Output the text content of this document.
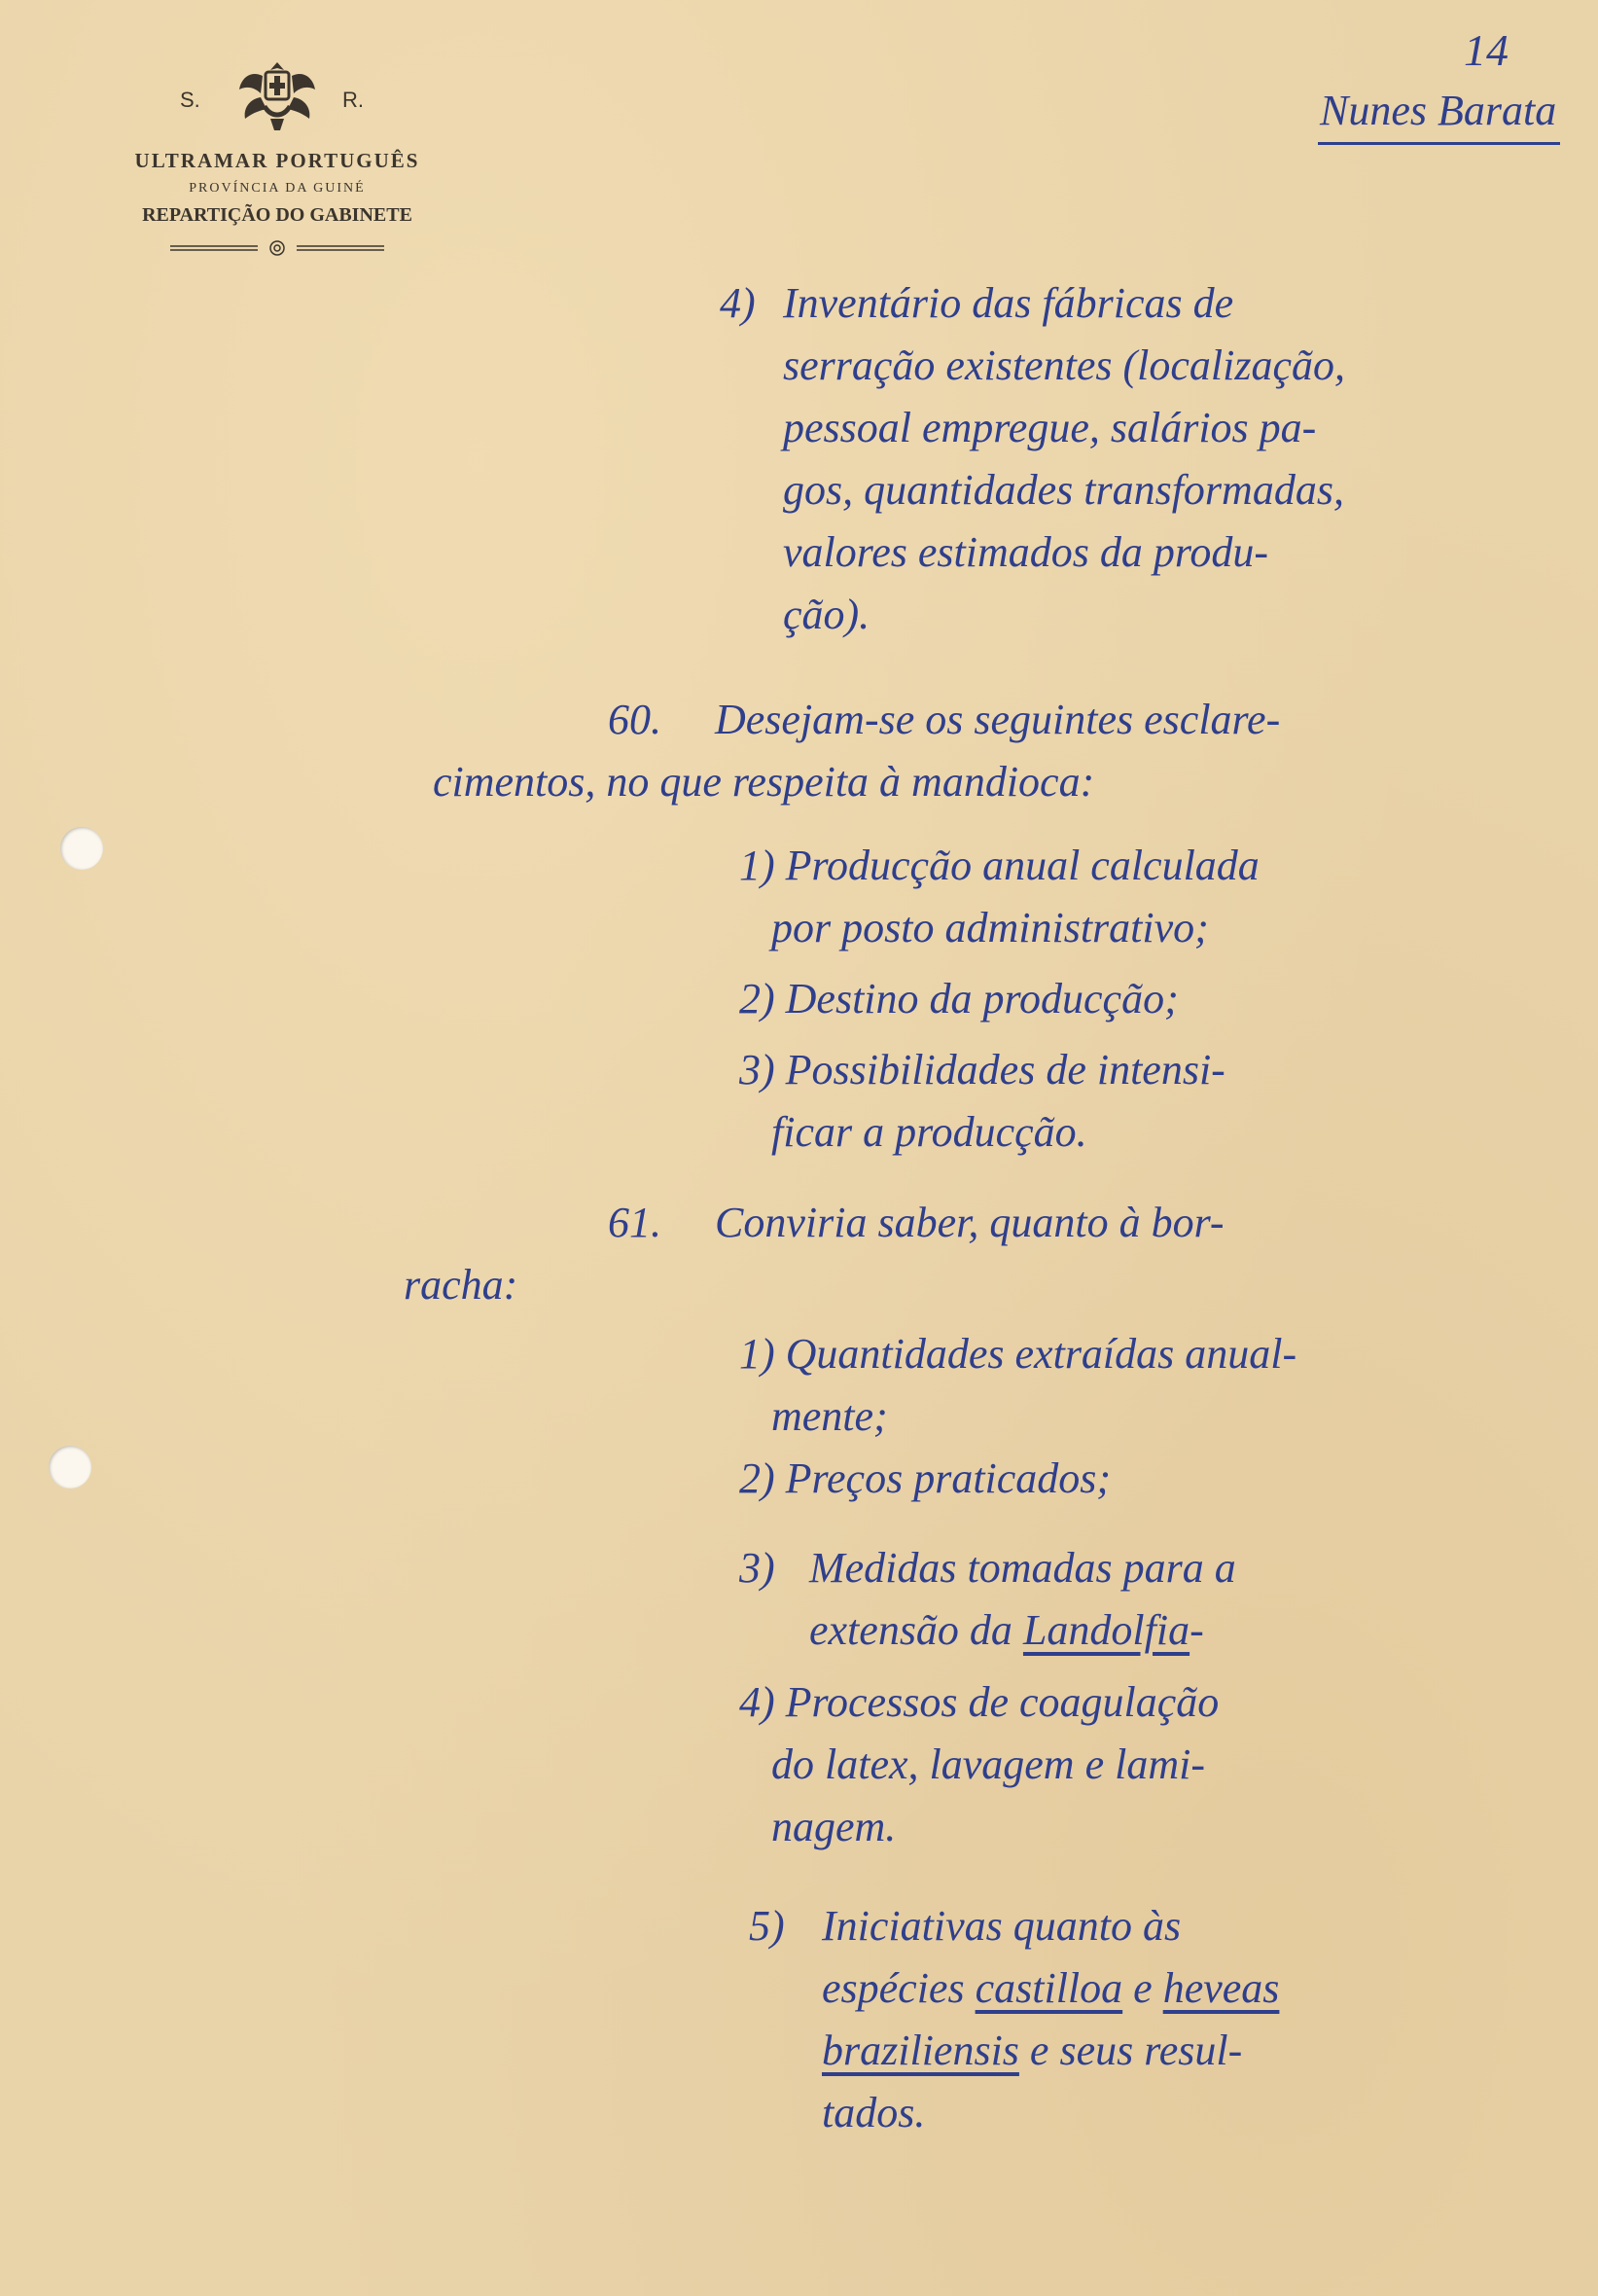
S.	R.
ULTRAMAR PORTUGUÊS
PROVÍNCIA DA GUINÉ
REPARTIÇÃO DO GABINETE
14
Nunes Barata
4) Inventário das fábricas de
serração existentes (localização,
pessoal empregue, salários pa-
gos, quantidades transformadas,
valores estimados da produ-
ção).
60.	Desejam-se os seguintes esclare-
cimentos, no que respeita à mandioca:
1) Producção anual calculada
por posto administrativo;
2) Destino da producção;
3) Possibilidades de intensi-
ficar a producção.
61.	Conviria saber, quanto à bor-
racha:
1) Quantidades extraídas anual-
mente;
2) Preços praticados;
3) Medidas tomadas para a
extensão da Landolfia-
4) Processos de coagulação
do latex, lavagem e lami-
nagem.
5) Iniciativas quanto às
espécies castilloa e heveas
braziliensis e seus resul-
tados.
